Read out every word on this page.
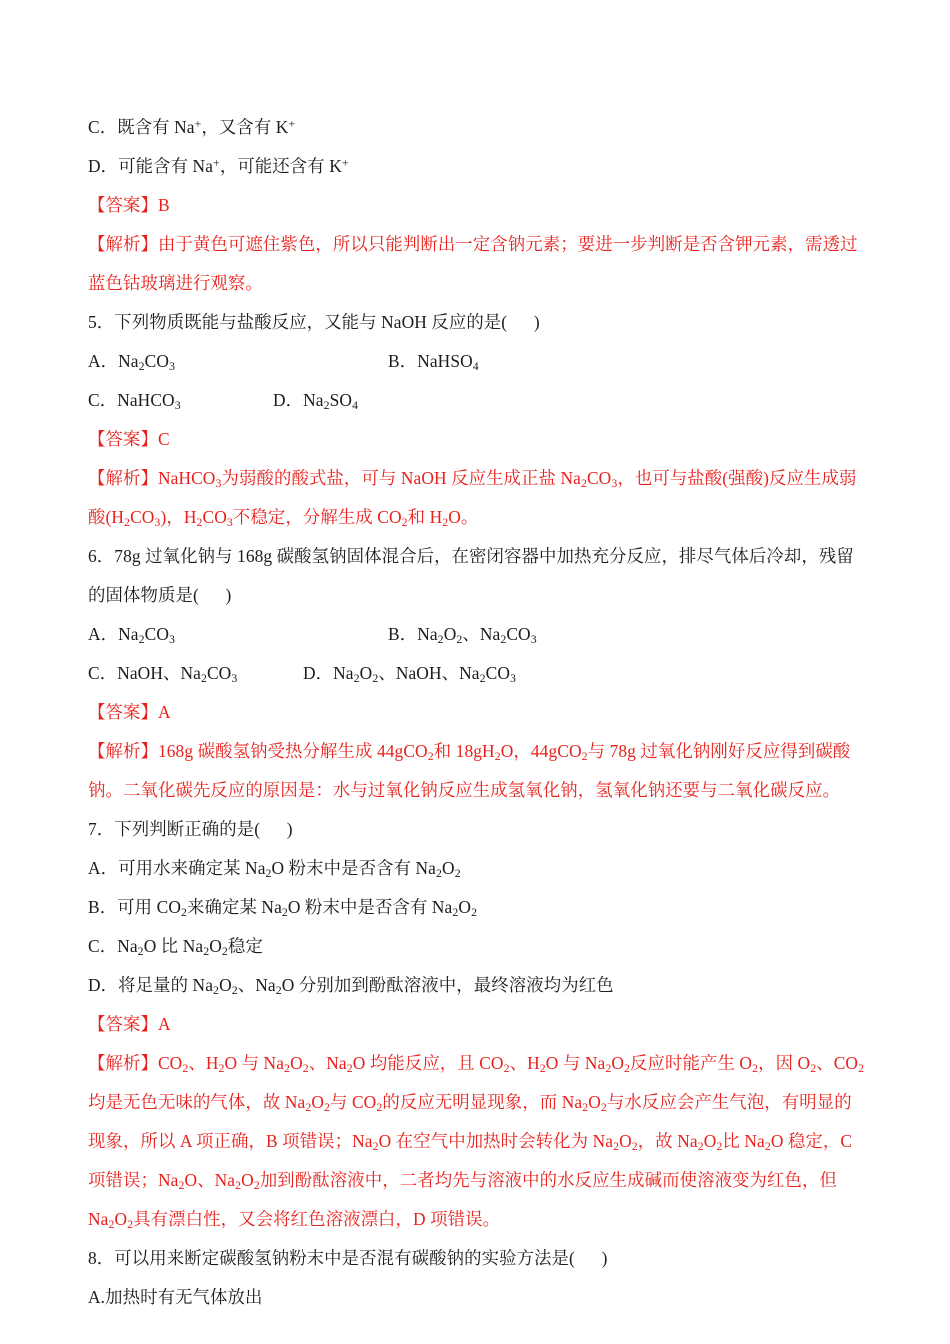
C．既含有 Na+，又含有 K+
D．可能含有 Na+，可能还含有 K+
【答案】B
【解析】由于黄色可遮住紫色，所以只能判断出一定含钠元素；要进一步判断是否含钾元素，需透过蓝色钴玻璃进行观察。
5．下列物质既能与盐酸反应，又能与 NaOH 反应的是(      )
A．$Na_2CO_3$	B．NaHSO$_4$
C．NaHCO$_3$	D．$Na_2SO_4$
【答案】C
【解析】NaHCO$_3$为弱酸的酸式盐，可与 NaOH 反应生成正盐 $Na_2CO_3$，也可与盐酸(强酸)反应生成弱酸$(H_2CO_3)$，$H_2CO_3$不稳定，分解生成 $CO_2$和 $H_2O$。
6．78g 过氧化钠与 168g 碳酸氢钠固体混合后，在密闭容器中加热充分反应，排尽气体后冷却，残留的固体物质是(      )
A．$Na_2CO_3$	B．$Na_2O_2$、$Na_2CO_3$
C．NaOH、$Na_2CO_3$	D．$Na_2O_2$、NaOH、$Na_2CO_3$
【答案】A
【解析】168g 碳酸氢钠受热分解生成 44gCO$_2$和 $18gH_2O$，44gCO$_2$与 78g 过氧化钠刚好反应得到碳酸钠。二氧化碳先反应的原因是：水与过氧化钠反应生成氢氧化钠，氢氧化钠还要与二氧化碳反应。
7．下列判断正确的是(      )
A．可用水来确定某 $Na_2O$ 粉末中是否含有 $Na_2O_2$
B．可用 $CO_2$来确定某 $Na_2O$ 粉末中是否含有 $Na_2O_2$
C．$Na_2O$ 比 $Na_2O_2$稳定
D．将足量的 $Na_2O_2$、$Na_2O$ 分别加到酚酞溶液中，最终溶液均为红色
【答案】A
【解析】$CO_2$、$H_2O$ 与 $Na_2O_2$、$Na_2O$ 均能反应，且 $CO_2$、$H_2O$ 与 $Na_2O_2$反应时能产生 $O_2$，因 $O_2$、$CO_2$均是无色无味的气体，故 $Na_2O_2$与 $CO_2$的反应无明显现象，而 $Na_2O_2$与水反应会产生气泡，有明显的现象，所以 A 项正确，B 项错误；$Na_2O$ 在空气中加热时会转化为 $Na_2O_2$，故 $Na_2O_2$比 $Na_2O$ 稳定，C 项错误；$Na_2O$、$Na_2O_2$加到酚酞溶液中，二者均先与溶液中的水反应生成碱而使溶液变为红色，但 $Na_2O_2$具有漂白性，又会将红色溶液漂白，D 项错误。
8．可以用来断定碳酸氢钠粉末中是否混有碳酸钠的实验方法是(      )
A.加热时有无气体放出
